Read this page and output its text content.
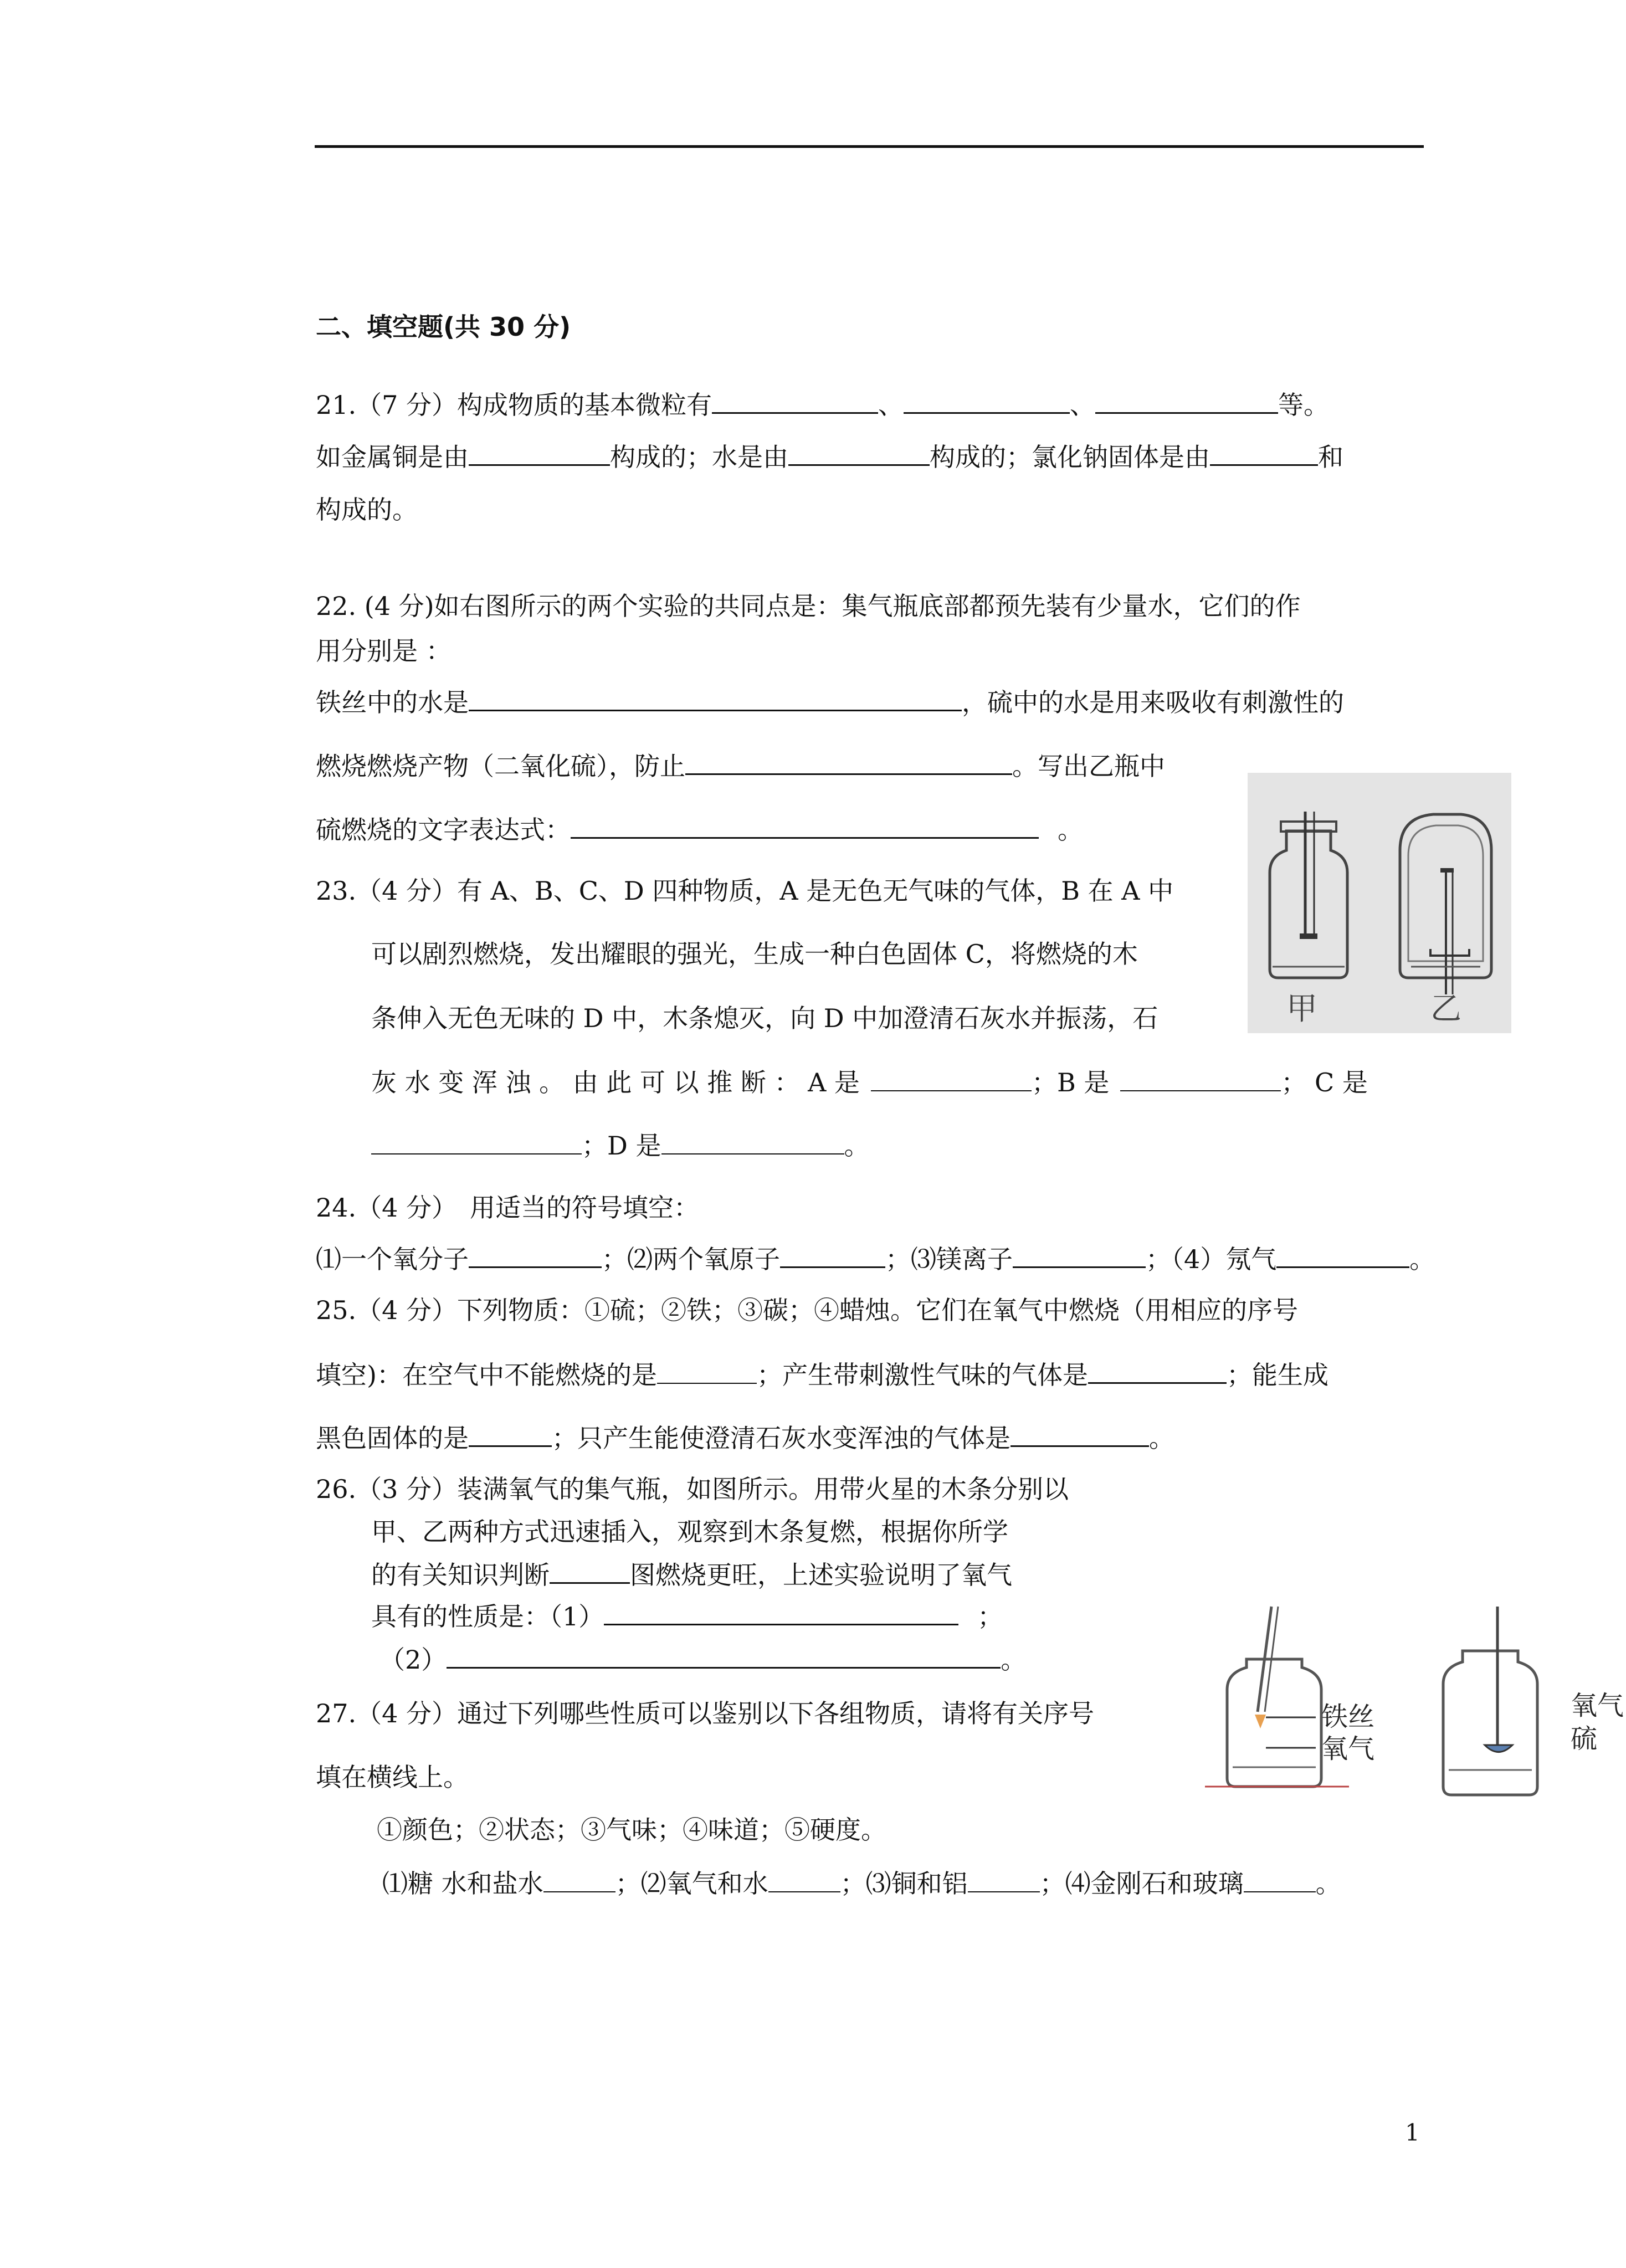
二、填空题(共 30 分)
21.（7 分）构成物质的基本微粒有	、	、	等。
如金属铜是由	构成的；水是由	构成的；氯化钠固体是由	和
构成的。
22. (4 分)如右图所示的两个实验的共同点是：集气瓶底部都预先装有少量水，它们的作
用分别是 ：
铁丝中的水是	，硫中的水是用来吸收有刺激性的
燃烧燃烧产物（二氧化硫），防止	。写出乙瓶中
硫燃烧的文字表达式：	。
甲	乙
23.（4 分）有 A、B、C、D 四种物质，A 是无色无气味的气体，B 在 A 中
可以剧烈燃烧，发出耀眼的强光，生成一种白色固体 C，将燃烧的木
条伸入无色无味的 D 中，木条熄灭，向 D 中加澄清石灰水并振荡，石
灰 水 变 浑 浊 。 由 此 可 以 推 断 ： A 是	；B 是	； C 是
；D 是	。
24.（4 分）　用适当的符号填空：
⑴一个氧分子	；⑵两个氧原子	；⑶镁离子	；（4）氖气	。
25.（4 分）下列物质：①硫；②铁；③碳；④蜡烛。它们在氧气中燃烧（用相应的序号
填空)：在空气中不能燃烧的是	；产生带刺激性气味的气体是	；能生成
黑色固体的是	；只产生能使澄清石灰水变浑浊的气体是	。
26.（3 分）装满氧气的集气瓶，如图所示。用带火星的木条分别以
甲、乙两种方式迅速插入，观察到木条复燃，根据你所学
的有关知识判断	图燃烧更旺，上述实验说明了氧气
具有的性质是：（1）	；
（2）	。
铁丝
氧气
氧气
硫
27.（4 分）通过下列哪些性质可以鉴别以下各组物质，请将有关序号
填在横线上。
①颜色；②状态；③气味；④味道；⑤硬度。
⑴糖 水和盐水	；⑵氧气和水	；⑶铜和铝	；⑷金刚石和玻璃	。
1
